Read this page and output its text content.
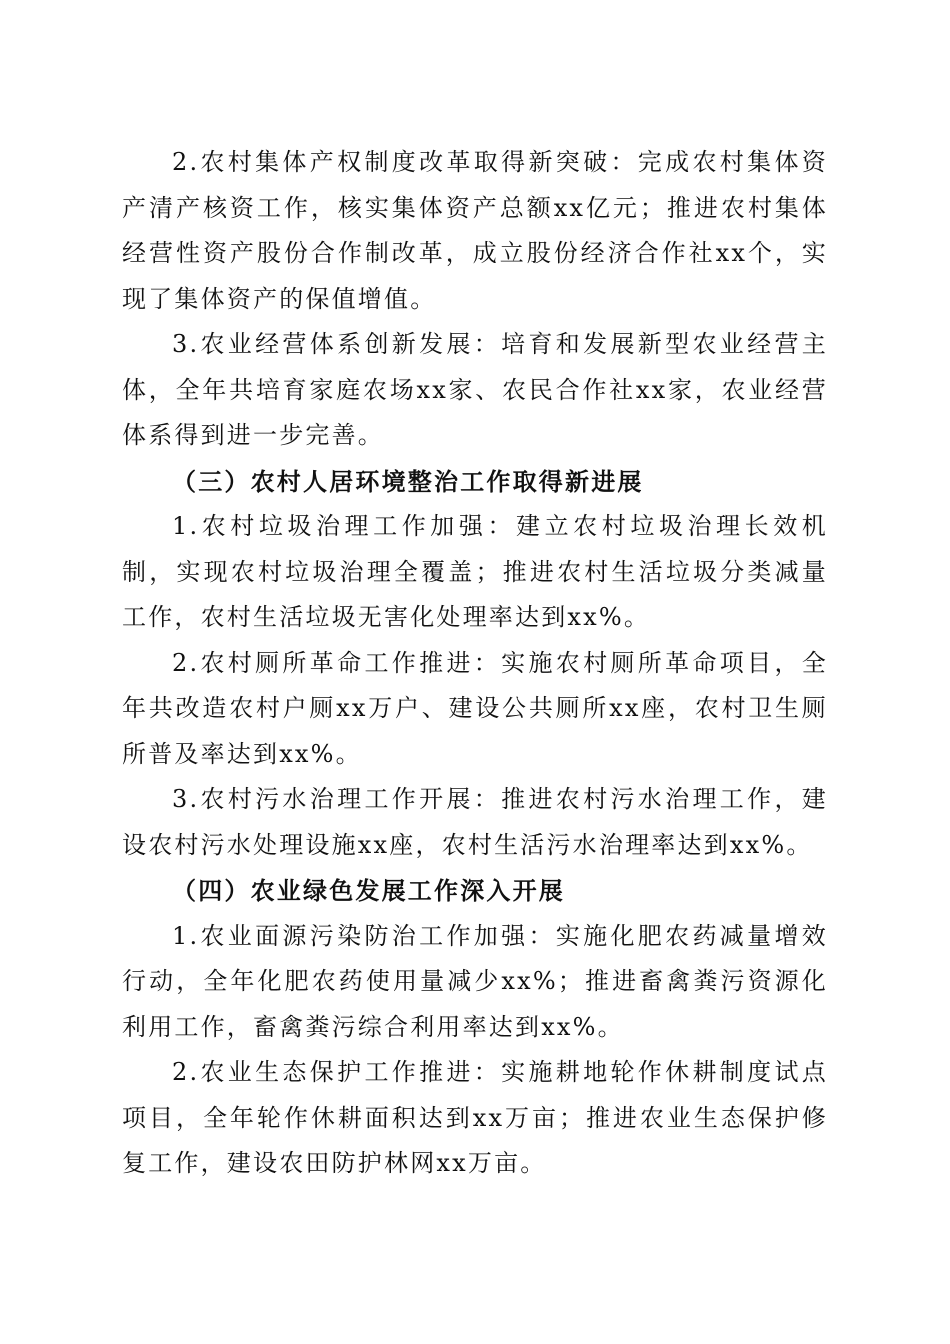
2.农村集体产权制度改革取得新突破：完成农村集体资产清产核资工作，核实集体资产总额xx亿元；推进农村集体经营性资产股份合作制改革，成立股份经济合作社xx个，实现了集体资产的保值增值。

3.农业经营体系创新发展：培育和发展新型农业经营主体，全年共培育家庭农场xx家、农民合作社xx家，农业经营体系得到进一步完善。

（三）农村人居环境整治工作取得新进展

1.农村垃圾治理工作加强：建立农村垃圾治理长效机制，实现农村垃圾治理全覆盖；推进农村生活垃圾分类减量工作，农村生活垃圾无害化处理率达到xx%。

2.农村厕所革命工作推进：实施农村厕所革命项目，全年共改造农村户厕xx万户、建设公共厕所xx座，农村卫生厕所普及率达到xx%。

3.农村污水治理工作开展：推进农村污水治理工作，建设农村污水处理设施xx座，农村生活污水治理率达到xx%。

（四）农业绿色发展工作深入开展

1.农业面源污染防治工作加强：实施化肥农药减量增效行动，全年化肥农药使用量减少xx%；推进畜禽粪污资源化利用工作，畜禽粪污综合利用率达到xx%。

2.农业生态保护工作推进：实施耕地轮作休耕制度试点项目，全年轮作休耕面积达到xx万亩；推进农业生态保护修复工作，建设农田防护林网xx万亩。
